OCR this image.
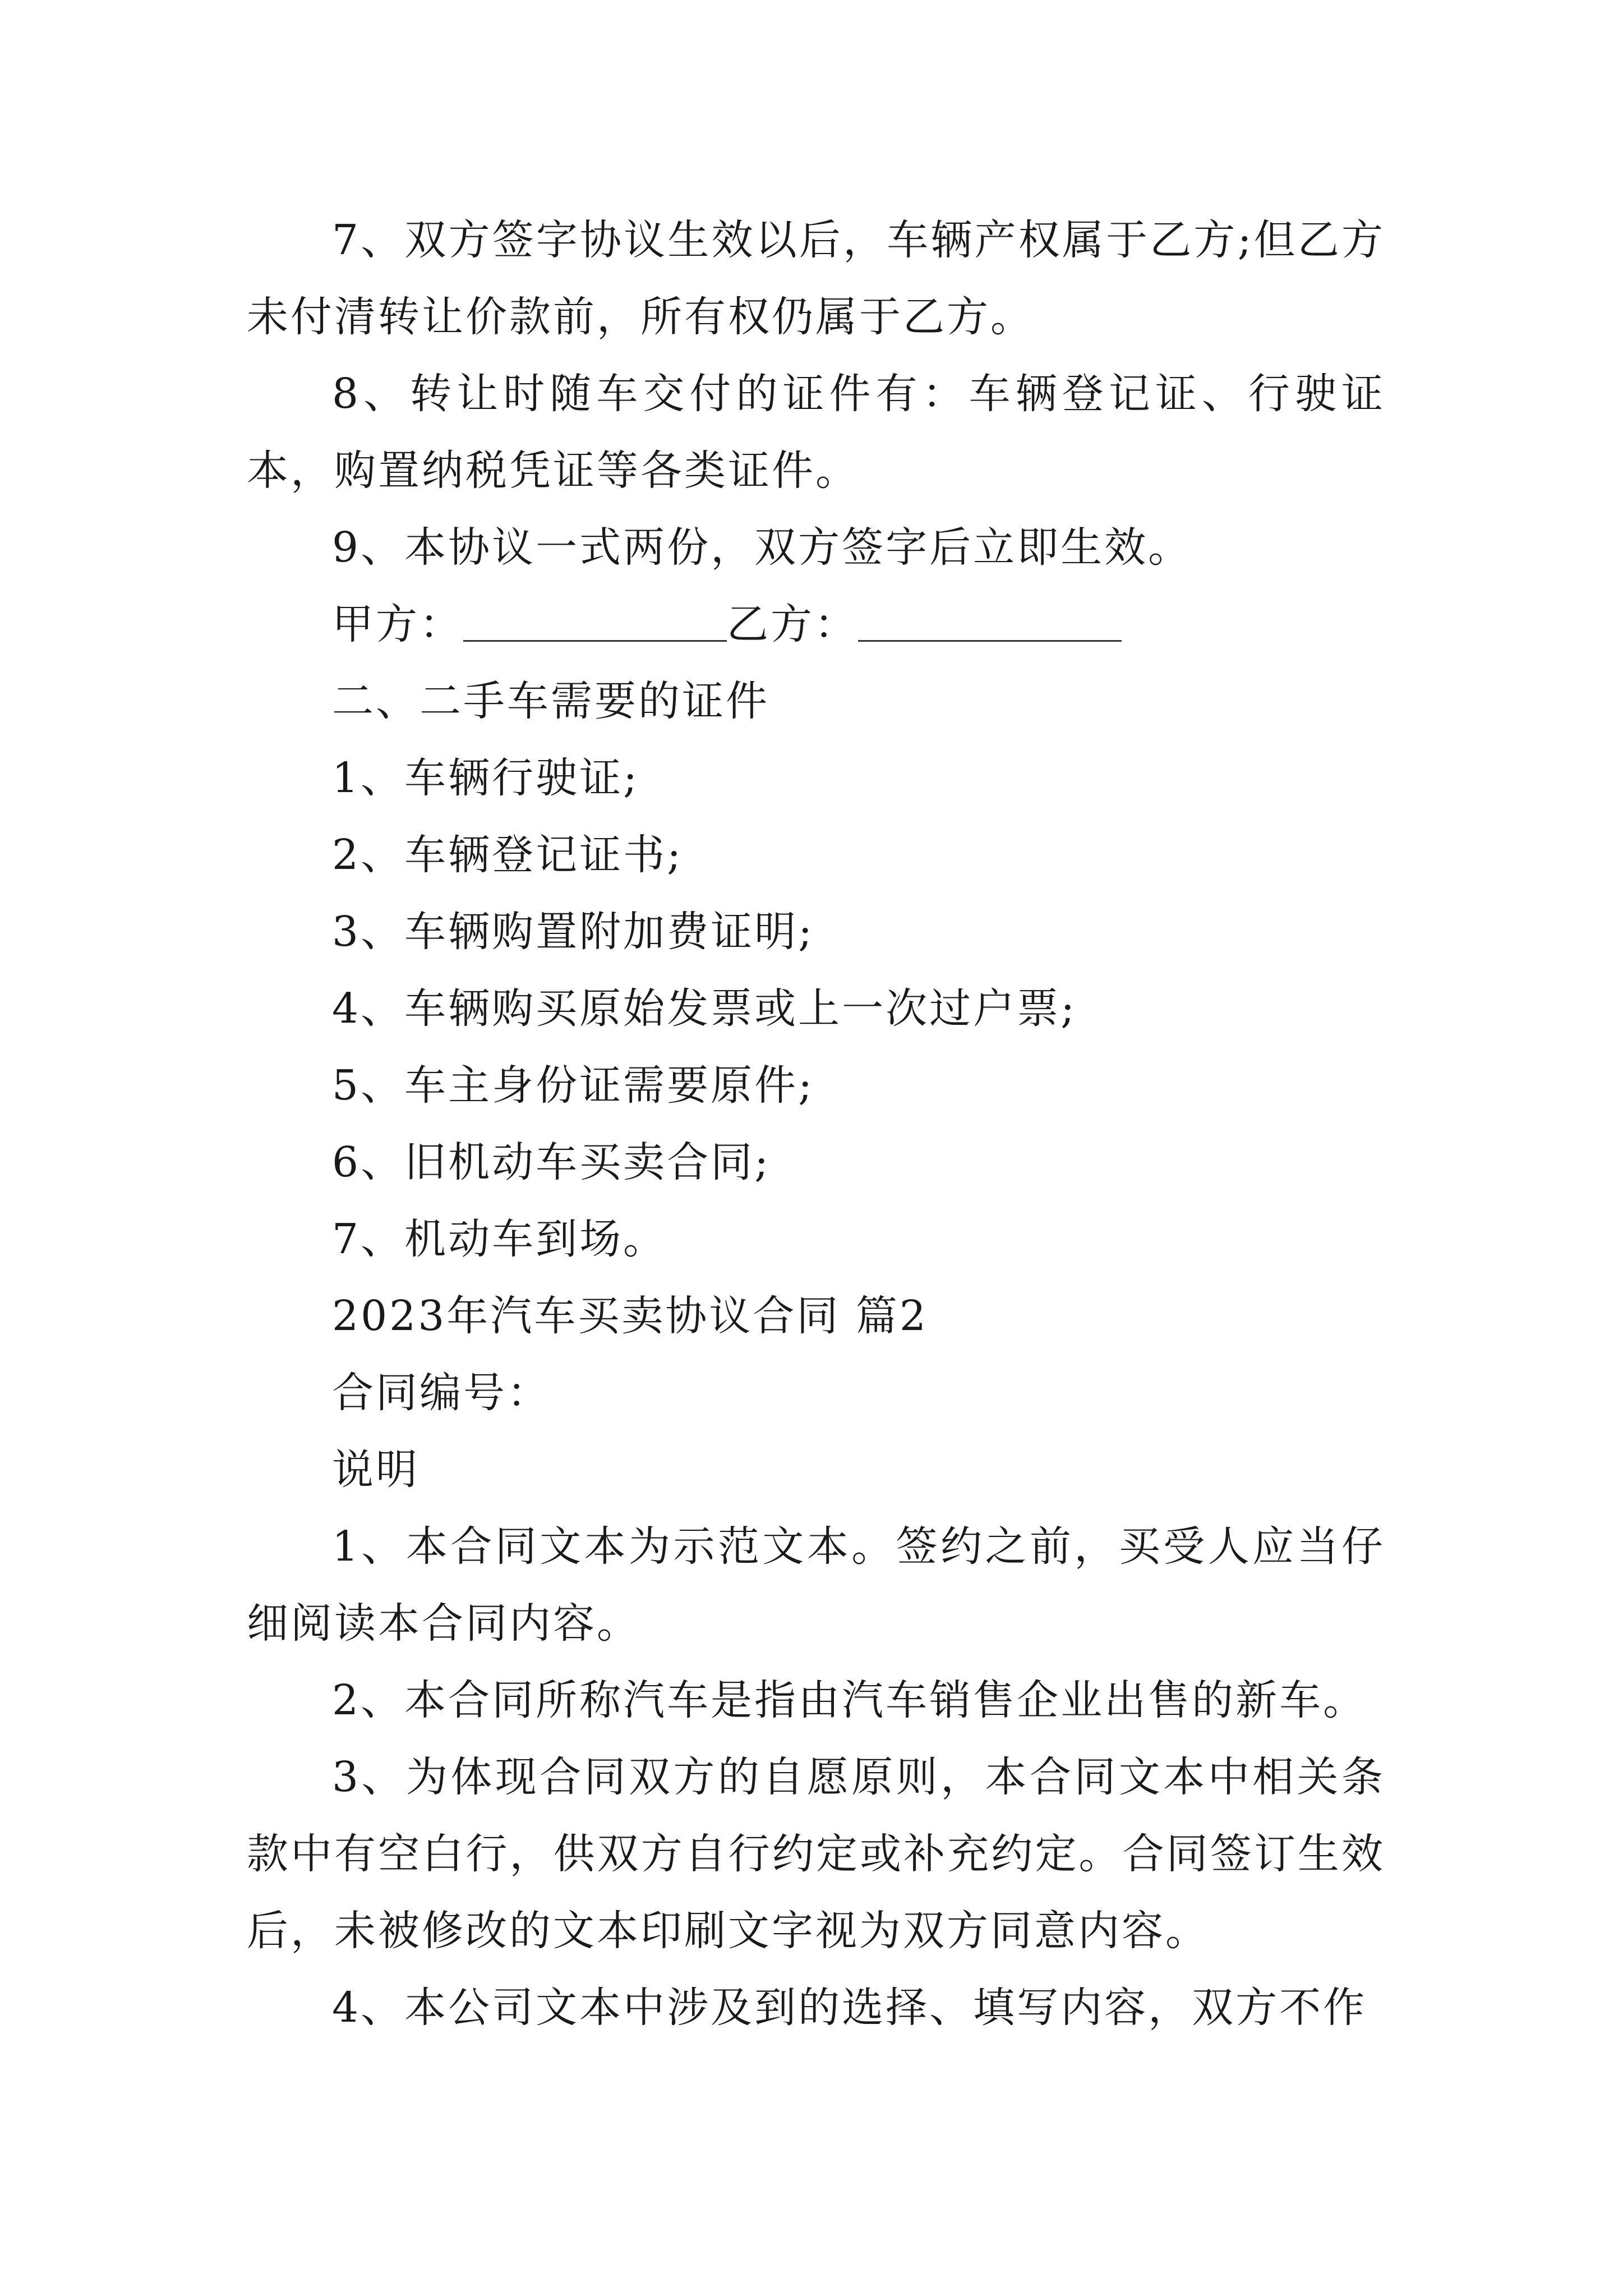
7、双方签字协议生效以后，车辆产权属于乙方;但乙方未付清转让价款前，所有权仍属于乙方。

8、转让时随车交付的证件有：车辆登记证、行驶证本，购置纳税凭证等各类证件。

9、本协议一式两份，双方签字后立即生效。

甲方：	乙方：

二、二手车需要的证件

1、车辆行驶证;

2、车辆登记证书;

3、车辆购置附加费证明;

4、车辆购买原始发票或上一次过户票;

5、车主身份证需要原件;

6、旧机动车买卖合同;

7、机动车到场。

2023年汽车买卖协议合同 篇2

合同编号：

说明

1、本合同文本为示范文本。签约之前，买受人应当仔细阅读本合同内容。

2、本合同所称汽车是指由汽车销售企业出售的新车。

3、为体现合同双方的自愿原则，本合同文本中相关条款中有空白行，供双方自行约定或补充约定。合同签订生效后，未被修改的文本印刷文字视为双方同意内容。

4、本公司文本中涉及到的选择、填写内容，双方不作
